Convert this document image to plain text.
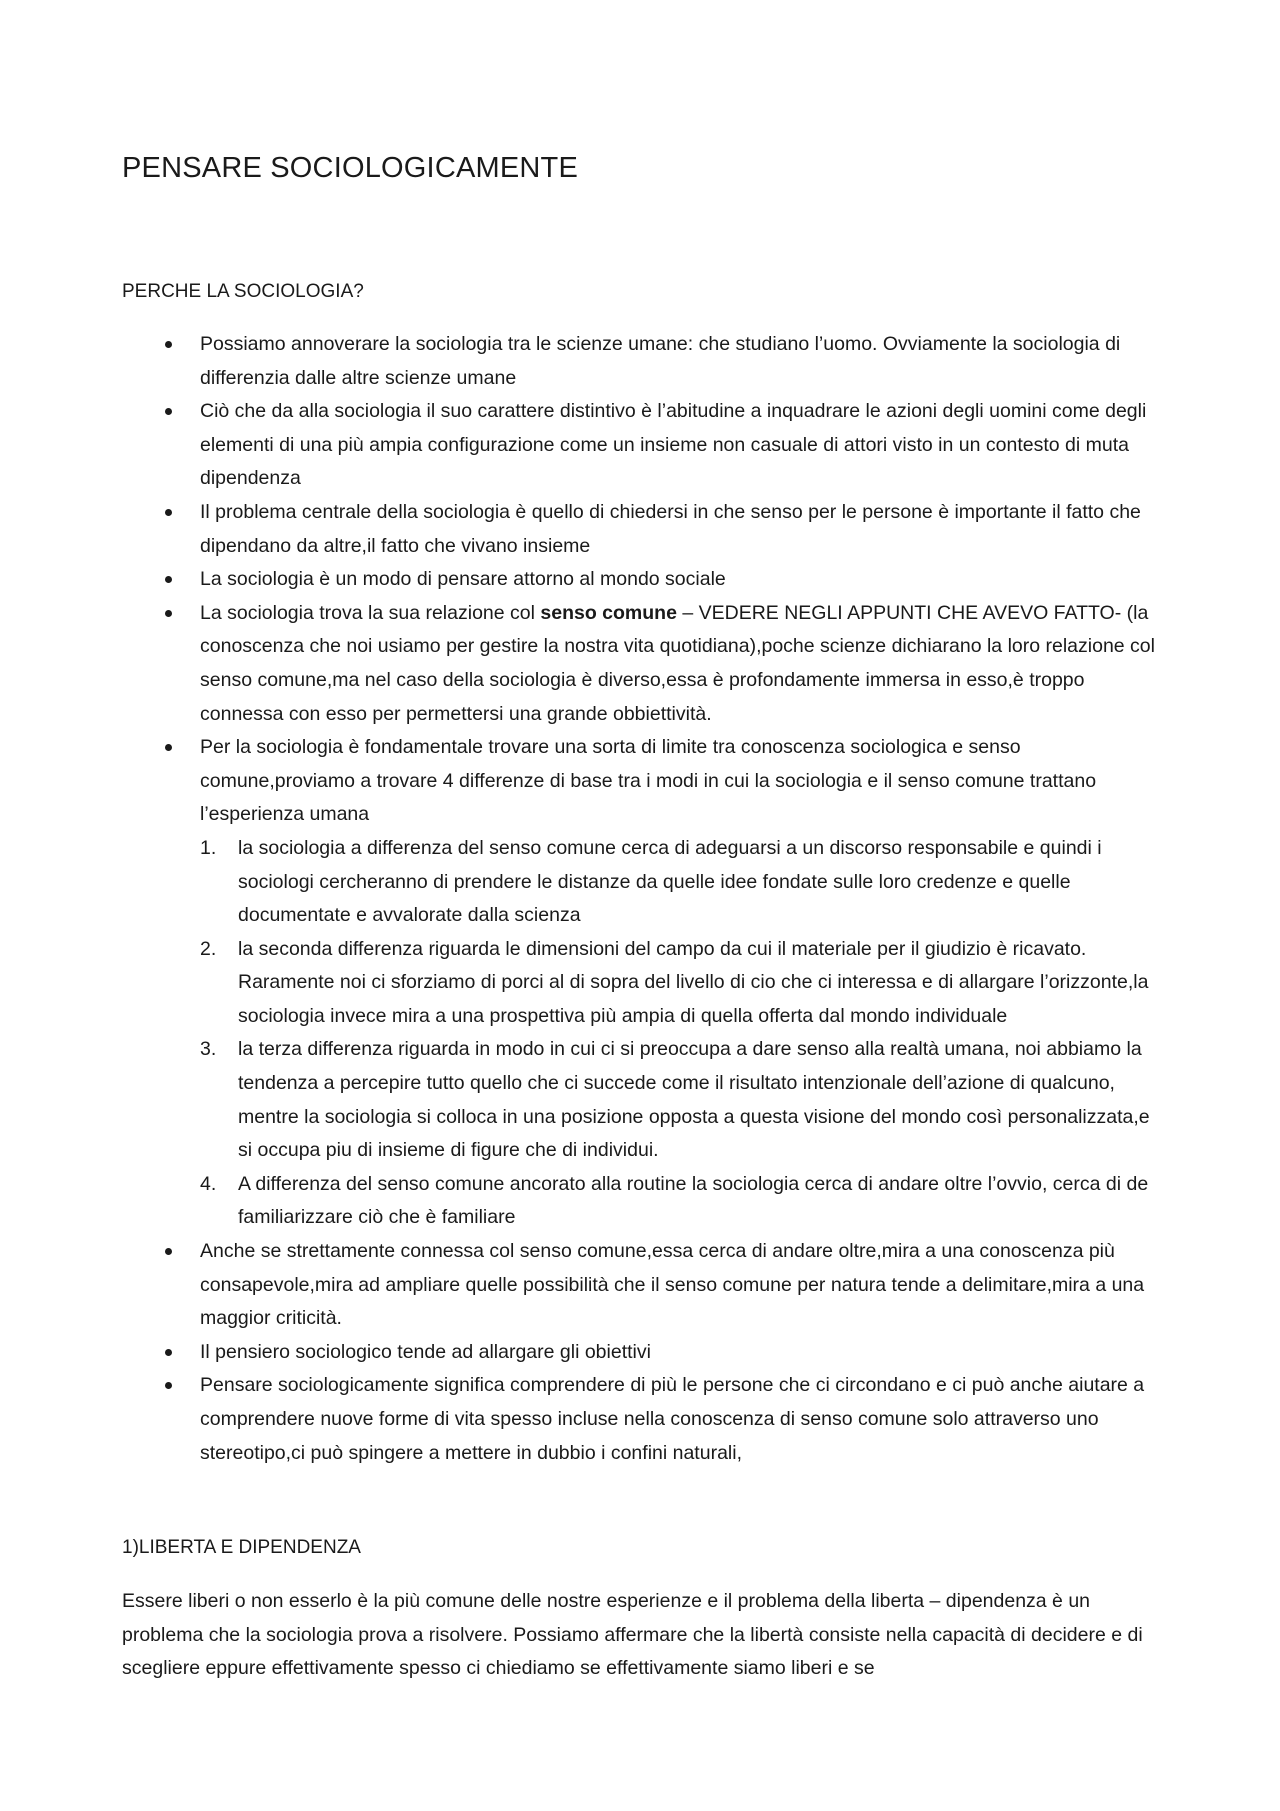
PENSARE SOCIOLOGICAMENTE
PERCHE LA SOCIOLOGIA?
Possiamo annoverare la sociologia tra le scienze umane: che studiano l’uomo. Ovviamente la sociologia di differenzia dalle altre scienze umane
Ciò che da alla sociologia il suo carattere distintivo è l’abitudine a inquadrare le azioni degli uomini come degli elementi di una più ampia configurazione come un insieme non casuale di attori visto in un contesto di muta dipendenza
Il problema centrale della sociologia è quello di chiedersi in che senso per le persone è importante il fatto che dipendano da altre,il fatto che vivano insieme
La sociologia è un modo di pensare attorno al mondo sociale
La sociologia trova la sua relazione col senso comune – VEDERE NEGLI APPUNTI CHE AVEVO FATTO- (la conoscenza che noi usiamo per gestire la nostra vita quotidiana),poche scienze dichiarano la loro relazione col senso comune,ma nel caso della sociologia è diverso,essa è profondamente immersa in esso,è troppo connessa con esso per permettersi una grande obbiettività.
Per la sociologia è fondamentale trovare una sorta di limite tra conoscenza sociologica e senso comune,proviamo a trovare 4 differenze di base tra i modi in cui la sociologia e il senso comune trattano l’esperienza umana
1. la sociologia a differenza del senso comune cerca di adeguarsi a un discorso responsabile e quindi i sociologi cercheranno di prendere le distanze da quelle idee fondate sulle loro credenze e quelle documentate e avvalorate dalla scienza
2. la seconda differenza riguarda le dimensioni del campo da cui il materiale per il giudizio è ricavato. Raramente noi ci sforziamo di porci al di sopra del livello di cio che ci interessa e di allargare l’orizzonte,la sociologia invece mira a una prospettiva più ampia di quella offerta dal mondo individuale
3. la terza differenza riguarda in modo in cui ci si preoccupa a dare senso alla realtà umana, noi abbiamo la tendenza a percepire tutto quello che ci succede come il risultato intenzionale dell’azione di qualcuno, mentre la sociologia si colloca in una posizione opposta a questa visione del mondo così personalizzata,e si occupa piu di insieme di figure che di individui.
4. A differenza del senso comune ancorato alla routine la sociologia cerca di andare oltre l’ovvio, cerca di de familiarizzare ciò che è familiare
Anche se strettamente connessa col senso comune,essa cerca di andare oltre,mira a una conoscenza più consapevole,mira ad ampliare quelle possibilità che il senso comune per natura tende a delimitare,mira a una maggior criticità.
Il pensiero sociologico tende ad allargare gli obiettivi
Pensare sociologicamente significa comprendere di più le persone che ci circondano e ci può anche aiutare a comprendere nuove forme di vita spesso incluse nella conoscenza di senso comune solo attraverso uno stereotipo,ci può spingere a mettere in dubbio i confini naturali,
1)LIBERTA E DIPENDENZA

Essere liberi o non esserlo è la più comune delle nostre esperienze e il problema della liberta – dipendenza è un problema che la sociologia prova a risolvere. Possiamo affermare che la libertà consiste nella capacità di decidere e di scegliere eppure effettivamente spesso ci chiediamo se effettivamente siamo liberi e se
